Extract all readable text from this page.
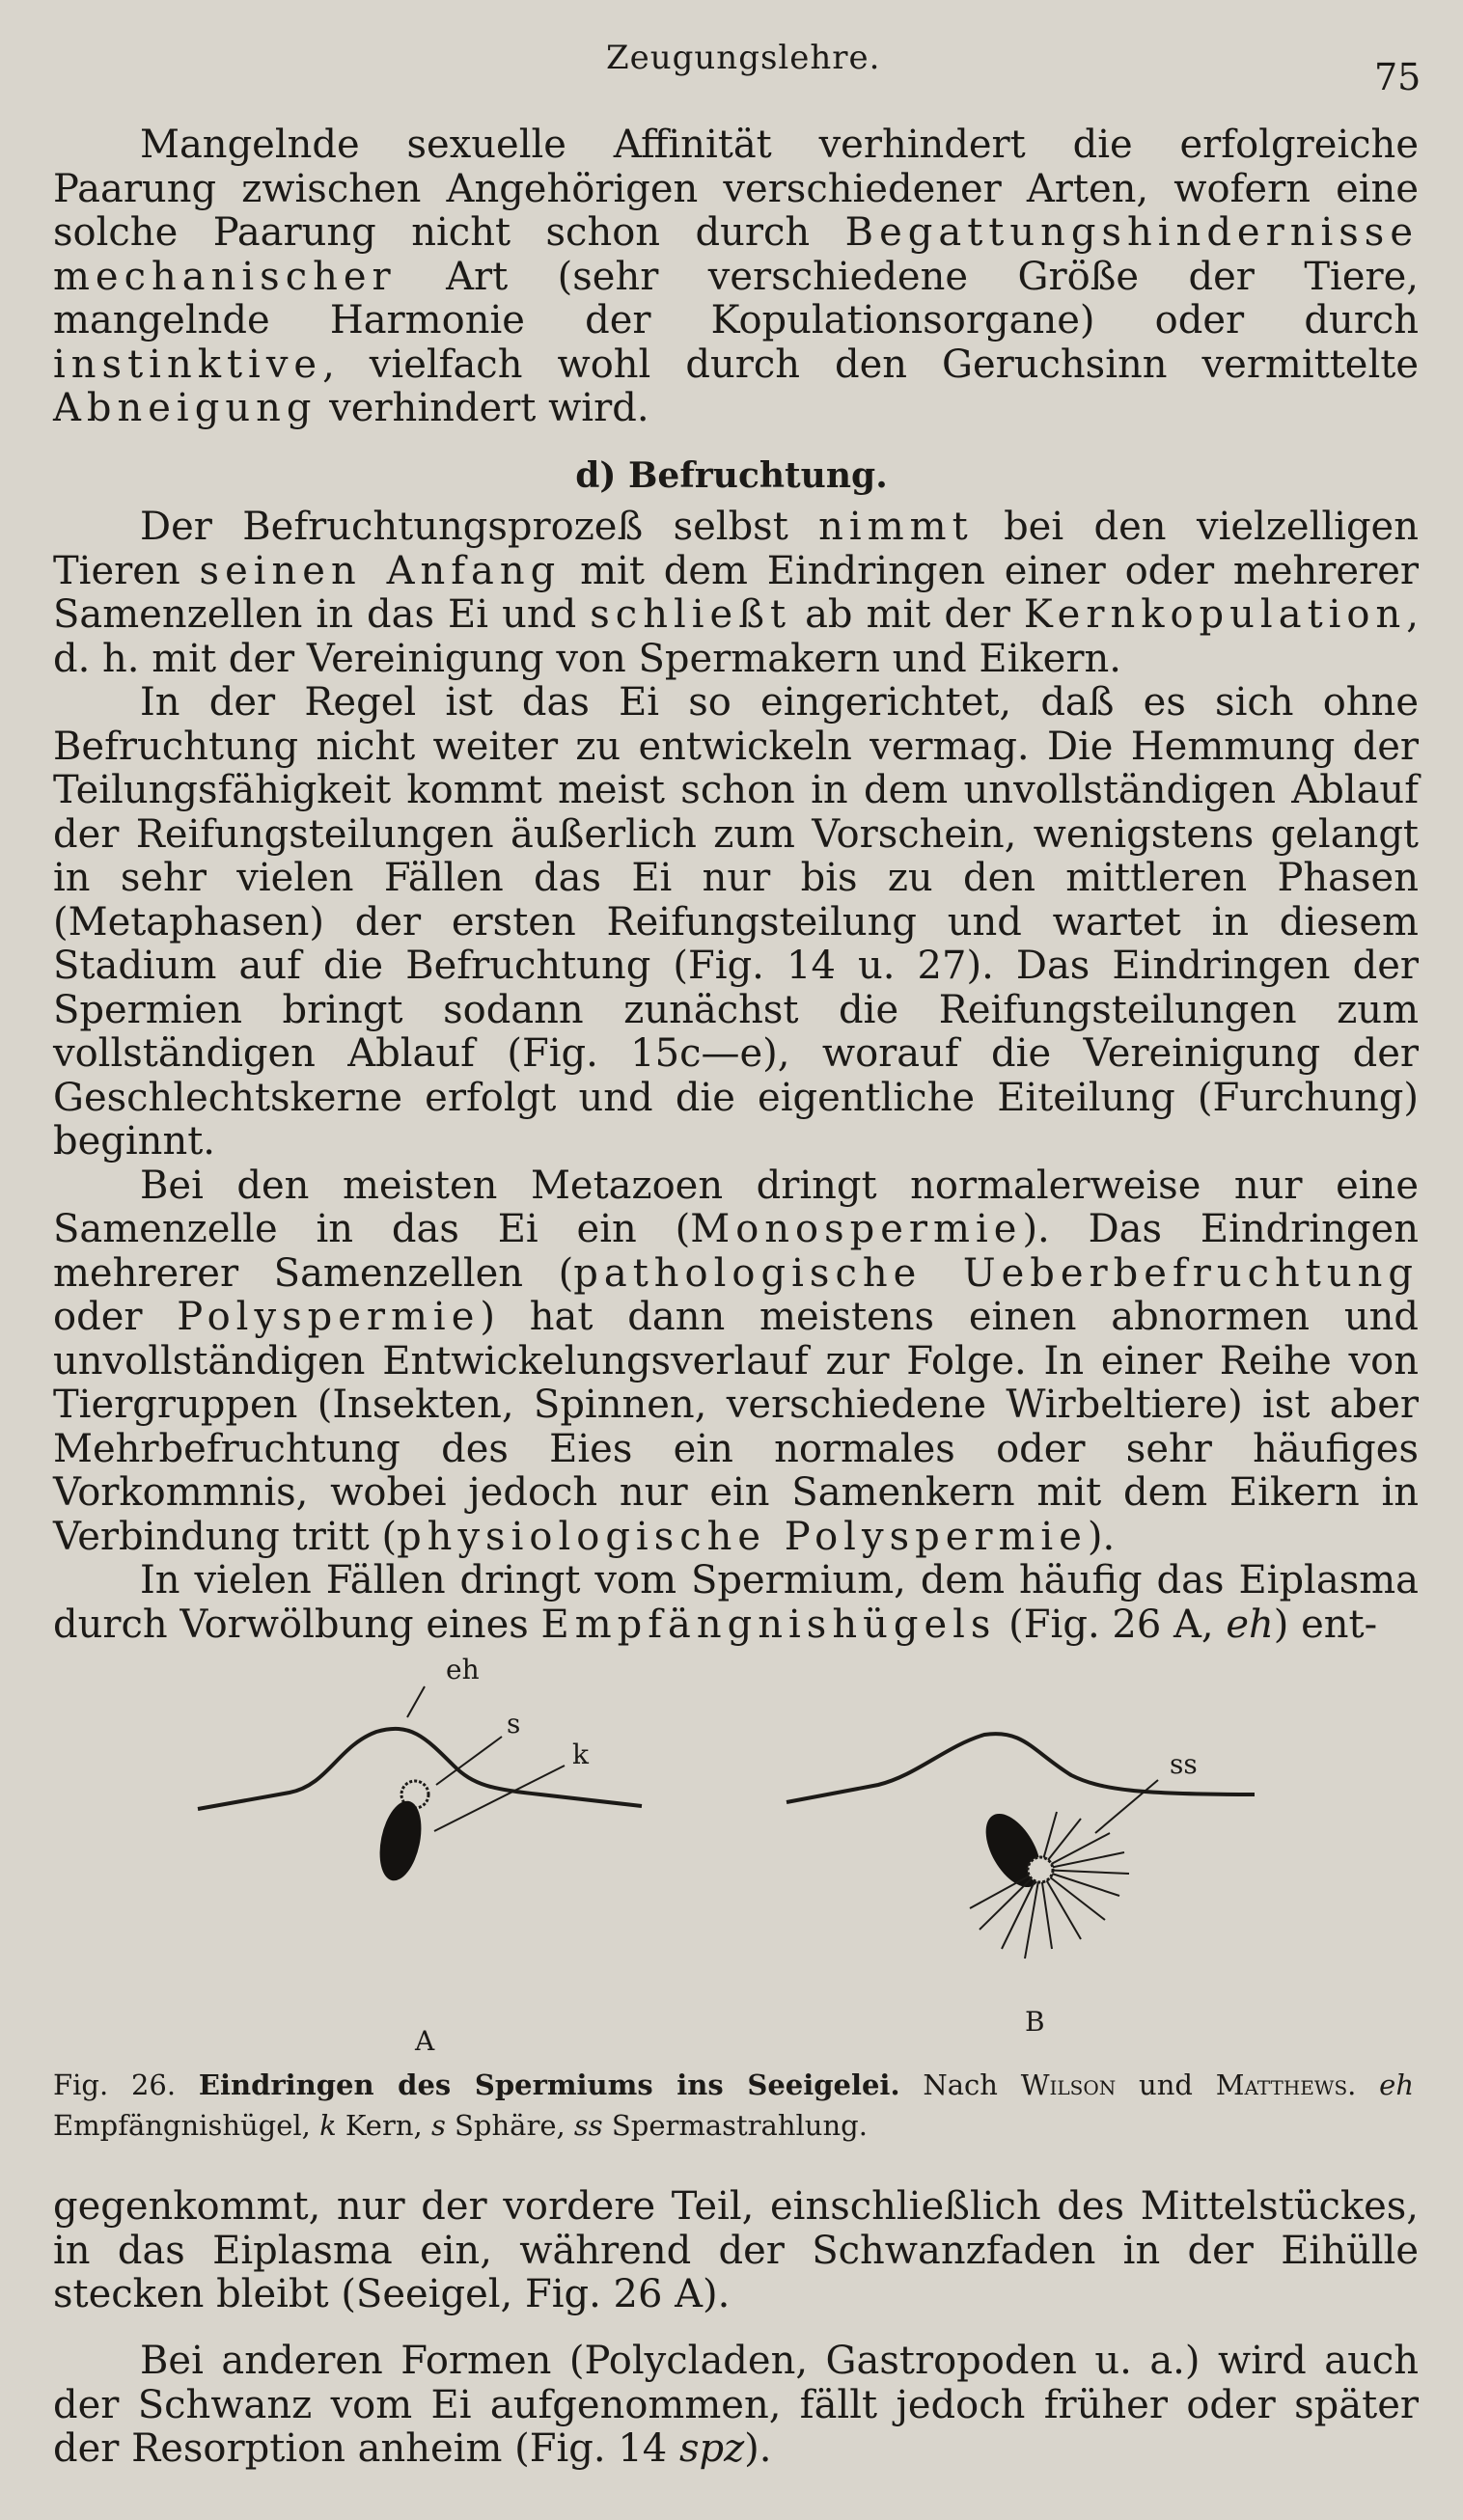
Zeugungslehre.	75

Mangelnde sexuelle Affinität verhindert die erfolgreiche Paarung zwischen Angehörigen verschiedener Arten, wofern eine solche Paarung nicht schon durch Begattungshindernisse mechanischer Art (sehr verschiedene Größe der Tiere, mangelnde Harmonie der Kopulationsorgane) oder durch instinktive, vielfach wohl durch den Geruchsinn vermittelte Abneigung verhindert wird.

d) Befruchtung.

Der Befruchtungsprozeß selbst nimmt bei den vielzelligen Tieren seinen Anfang mit dem Eindringen einer oder mehrerer Samenzellen in das Ei und schließt ab mit der Kernkopulation, d. h. mit der Vereinigung von Spermakern und Eikern.

In der Regel ist das Ei so eingerichtet, daß es sich ohne Befruchtung nicht weiter zu entwickeln vermag. Die Hemmung der Teilungsfähigkeit kommt meist schon in dem unvollständigen Ablauf der Reifungsteilungen äußerlich zum Vorschein, wenigstens gelangt in sehr vielen Fällen das Ei nur bis zu den mittleren Phasen (Metaphasen) der ersten Reifungsteilung und wartet in diesem Stadium auf die Befruchtung (Fig. 14 u. 27). Das Eindringen der Spermien bringt sodann zunächst die Reifungsteilungen zum vollständigen Ablauf (Fig. 15c—e), worauf die Vereinigung der Geschlechtskerne erfolgt und die eigentliche Eiteilung (Furchung) beginnt.

Bei den meisten Metazoen dringt normalerweise nur eine Samenzelle in das Ei ein (Monospermie). Das Eindringen mehrerer Samenzellen (pathologische Ueberbefruchtung oder Polyspermie) hat dann meistens einen abnormen und unvollständigen Entwickelungsverlauf zur Folge. In einer Reihe von Tiergruppen (Insekten, Spinnen, verschiedene Wirbeltiere) ist aber Mehrbefruchtung des Eies ein normales oder sehr häufiges Vorkommnis, wobei jedoch nur ein Samenkern mit dem Eikern in Verbindung tritt (physiologische Polyspermie).

In vielen Fällen dringt vom Spermium, dem häufig das Eiplasma durch Vorwölbung eines Empfängnishügels (Fig. 26 A, eh) ent-

eh
s
k
A
ss
B
Fig. 26. Eindringen des Spermiums ins Seeigelei. Nach Wilson und Matthews. eh Empfängnishügel, k Kern, s Sphäre, ss Spermastrahlung.

gegenkommt, nur der vordere Teil, einschließlich des Mittelstückes, in das Eiplasma ein, während der Schwanzfaden in der Eihülle stecken bleibt (Seeigel, Fig. 26 A).

Bei anderen Formen (Polycladen, Gastropoden u. a.) wird auch der Schwanz vom Ei aufgenommen, fällt jedoch früher oder später der Resorption anheim (Fig. 14 spz).
